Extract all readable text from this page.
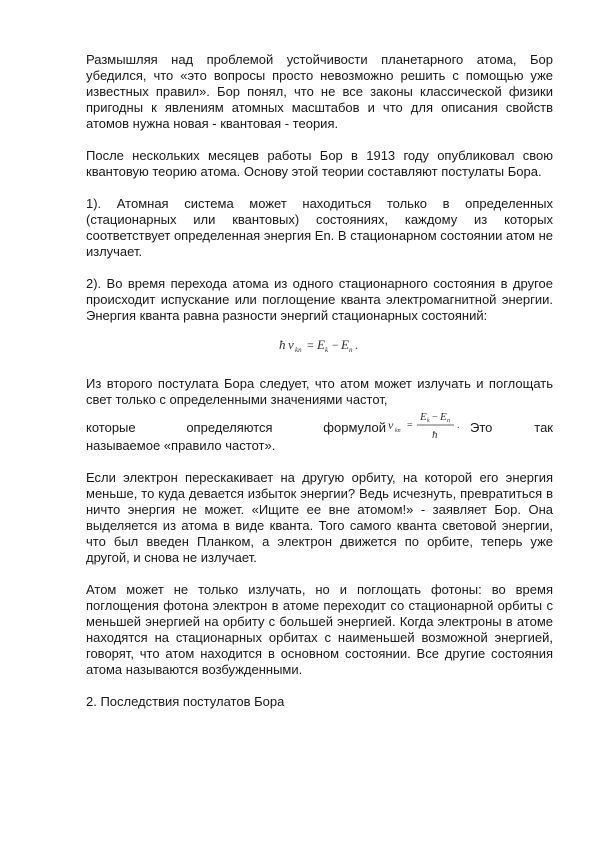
Размышляя над проблемой устойчивости планетарного атома, Бор убедился, что «это вопросы просто невозможно решить с помощью уже известных правил». Бор понял, что не все законы классической физики пригодны к явлениям атомных масштабов и что для описания свойств атомов нужна новая - квантовая - теория.

После нескольких месяцев работы Бор в 1913 году опубликовал свою квантовую теорию атома. Основу этой теории составляют постулаты Бора.

1). Атомная система может находиться только в определенных (стационарных или квантовых) состояниях, каждому из которых соответствует определенная энергия En. В стационарном состоянии атом не излучает.

2). Во время перехода атома из одного стационарного состояния в другое происходит испускание или поглощение кванта электромагнитной энергии. Энергия кванта равна разности энергий стационарных состояний:

ħ ν kn = E k − E n .
Из второго постулата Бора следует, что атом может излучать и поглощать свет только с определенными значениями частот,
которые	определяются	формулой ν kn =
E k − E n
ħ
. Это	так
называемое «правило частот».

Если электрон перескакивает на другую орбиту, на которой его энергия меньше, то куда девается избыток энергии? Ведь исчезнуть, превратиться в ничто энергия не может. «Ищите ее вне атомом!» - заявляет Бор. Она выделяется из атома в виде кванта. Того самого кванта световой энергии, что был введен Планком, а электрон движется по орбите, теперь уже другой, и снова не излучает.

Атом может не только излучать, но и поглощать фотоны: во время поглощения фотона электрон в атоме переходит со стационарной орбиты с меньшей энергией на орбиту с большей энергией. Когда электроны в атоме находятся на стационарных орбитах с наименьшей возможной энергией, говорят, что атом находится в основном состоянии. Все другие состояния атома называются возбужденными.

2. Последствия постулатов Бора
